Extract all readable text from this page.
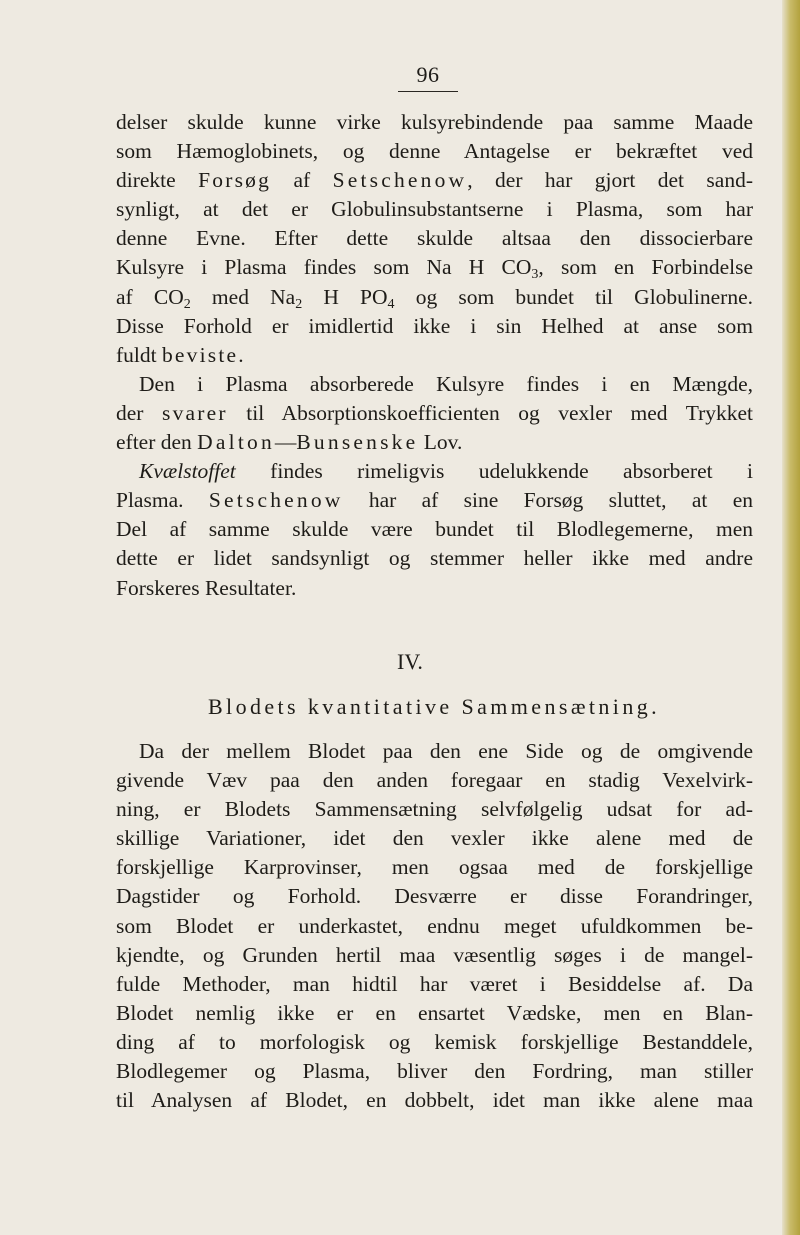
96
delser skulde kunne virke kulsyrebindende paa samme Maade
som Hæmoglobinets, og denne Antagelse er bekræftet ved
direkte Forsøg af Setschenow, der har gjort det sand-
synligt, at det er Globulinsubstantserne i Plasma, som har
denne Evne. Efter dette skulde altsaa den dissocierbare
Kulsyre i Plasma findes som Na H $CO_3$, som en Forbindelse
af $CO_2$ med $Na_2$ H $PO_4$ og som bundet til Globulinerne.
Disse Forhold er imidlertid ikke i sin Helhed at anse som
fuldt beviste.
Den i Plasma absorberede Kulsyre findes i en Mængde,
der svarer til Absorptionskoefficienten og vexler med Trykket
efter den Dalton—Bunsenske Lov.
Kvælstoffet findes rimeligvis udelukkende absorberet i
Plasma. Setschenow har af sine Forsøg sluttet, at en
Del af samme skulde være bundet til Blodlegemerne, men
dette er lidet sandsynligt og stemmer heller ikke med andre
Forskeres Resultater.
IV.
Blodets kvantitative Sammensætning.
Da der mellem Blodet paa den ene Side og de omgivende
givende Væv paa den anden foregaar en stadig Vexelvirk-
ning, er Blodets Sammensætning selvfølgelig udsat for ad-
skillige Variationer, idet den vexler ikke alene med de
forskjellige Karprovinser, men ogsaa med de forskjellige
Dagstider og Forhold. Desværre er disse Forandringer,
som Blodet er underkastet, endnu meget ufuldkommen be-
kjendte, og Grunden hertil maa væsentlig søges i de mangel-
fulde Methoder, man hidtil har været i Besiddelse af. Da
Blodet nemlig ikke er en ensartet Vædske, men en Blan-
ding af to morfologisk og kemisk forskjellige Bestanddele,
Blodlegemer og Plasma, bliver den Fordring, man stiller
til Analysen af Blodet, en dobbelt, idet man ikke alene maa
